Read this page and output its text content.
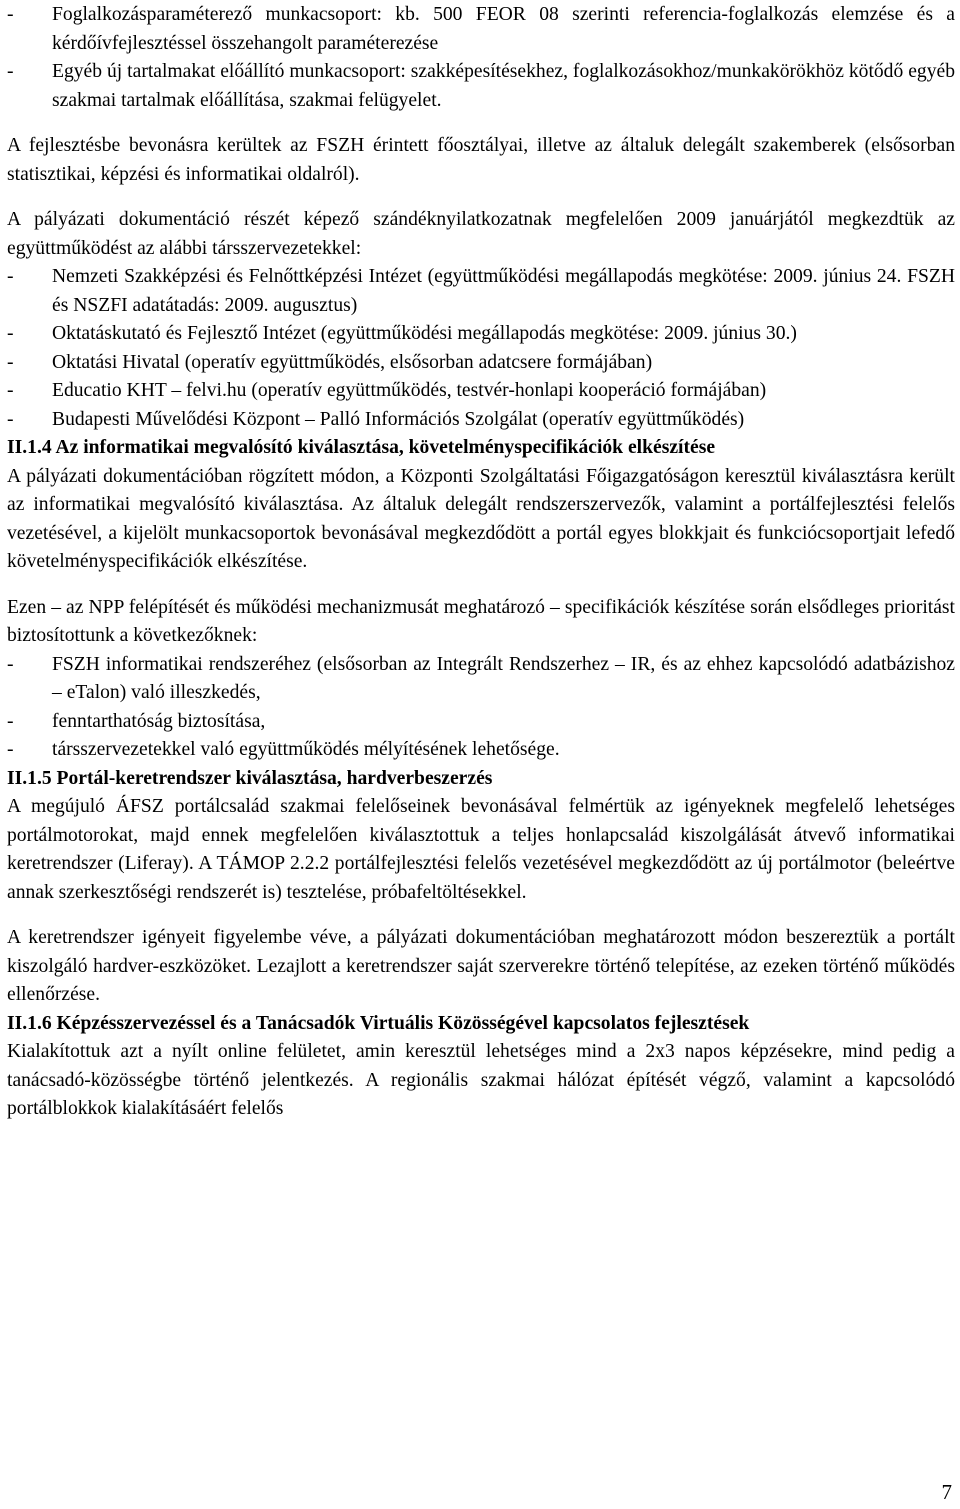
-	Foglalkozásparaméterező munkacsoport: kb. 500 FEOR 08 szerinti referencia-foglalkozás elemzése és a kérdőívfejlesztéssel összehangolt paraméterezése
-	Egyéb új tartalmakat előállító munkacsoport: szakképesítésekhez, foglalkozásokhoz/munkakörökhöz kötődő egyéb szakmai tartalmak előállítása, szakmai felügyelet.

A fejlesztésbe bevonásra kerültek az FSZH érintett főosztályai, illetve az általuk delegált szakemberek (elsősorban statisztikai, képzési és informatikai oldalról).

A pályázati dokumentáció részét képező szándéknyilatkozatnak megfelelően 2009 januárjától megkezdtük az együttműködést az alábbi társszervezetekkel:

-	Nemzeti Szakképzési és Felnőttképzési Intézet (együttműködési megállapodás megkötése: 2009. június 24. FSZH és NSZFI adatátadás: 2009. augusztus)
-	Oktatáskutató és Fejlesztő Intézet (együttműködési megállapodás megkötése: 2009. június 30.)
-	Oktatási Hivatal (operatív együttműködés, elsősorban adatcsere formájában)
-	Educatio KHT – felvi.hu (operatív együttműködés, testvér-honlapi kooperáció formájában)
-	Budapesti Művelődési Központ – Palló Információs Szolgálat (operatív együttműködés)
II.1.4 Az informatikai megvalósító kiválasztása, követelményspecifikációk elkészítése

A pályázati dokumentációban rögzített módon, a Központi Szolgáltatási Főigazgatóságon keresztül kiválasztásra került az informatikai megvalósító kiválasztása. Az általuk delegált rendszerszervezők, valamint a portálfejlesztési felelős vezetésével, a kijelölt munkacsoportok bevonásával megkezdődött a portál egyes blokkjait és funkciócsoportjait lefedő követelményspecifikációk elkészítése.

Ezen – az NPP felépítését és működési mechanizmusát meghatározó – specifikációk készítése során elsődleges prioritást biztosítottunk a következőknek:

-	FSZH informatikai rendszeréhez (elsősorban az Integrált Rendszerhez – IR, és az ehhez kapcsolódó adatbázishoz – eTalon) való illeszkedés,
-	fenntarthatóság biztosítása,
-	társszervezetekkel való együttműködés mélyítésének lehetősége.
II.1.5 Portál-keretrendszer kiválasztása, hardverbeszerzés

A megújuló ÁFSZ portálcsalád szakmai felelőseinek bevonásával felmértük az igényeknek megfelelő lehetséges portálmotorokat, majd ennek megfelelően kiválasztottuk a teljes honlapcsalád kiszolgálását átvevő informatikai keretrendszer (Liferay). A TÁMOP 2.2.2 portálfejlesztési felelős vezetésével megkezdődött az új portálmotor (beleértve annak szerkesztőségi rendszerét is) tesztelése, próbafeltöltésekkel.

A keretrendszer igényeit figyelembe véve, a pályázati dokumentációban meghatározott módon beszereztük a portált kiszolgáló hardver-eszközöket. Lezajlott a keretrendszer saját szerverekre történő telepítése, az ezeken történő működés ellenőrzése.

II.1.6 Képzésszervezéssel és a Tanácsadók Virtuális Közösségével kapcsolatos fejlesztések

Kialakítottuk azt a nyílt online felületet, amin keresztül lehetséges mind a 2x3 napos képzésekre, mind pedig a tanácsadó-közösségbe történő jelentkezés. A regionális szakmai hálózat építését végző, valamint a kapcsolódó portálblokkok kialakításáért felelős

7
